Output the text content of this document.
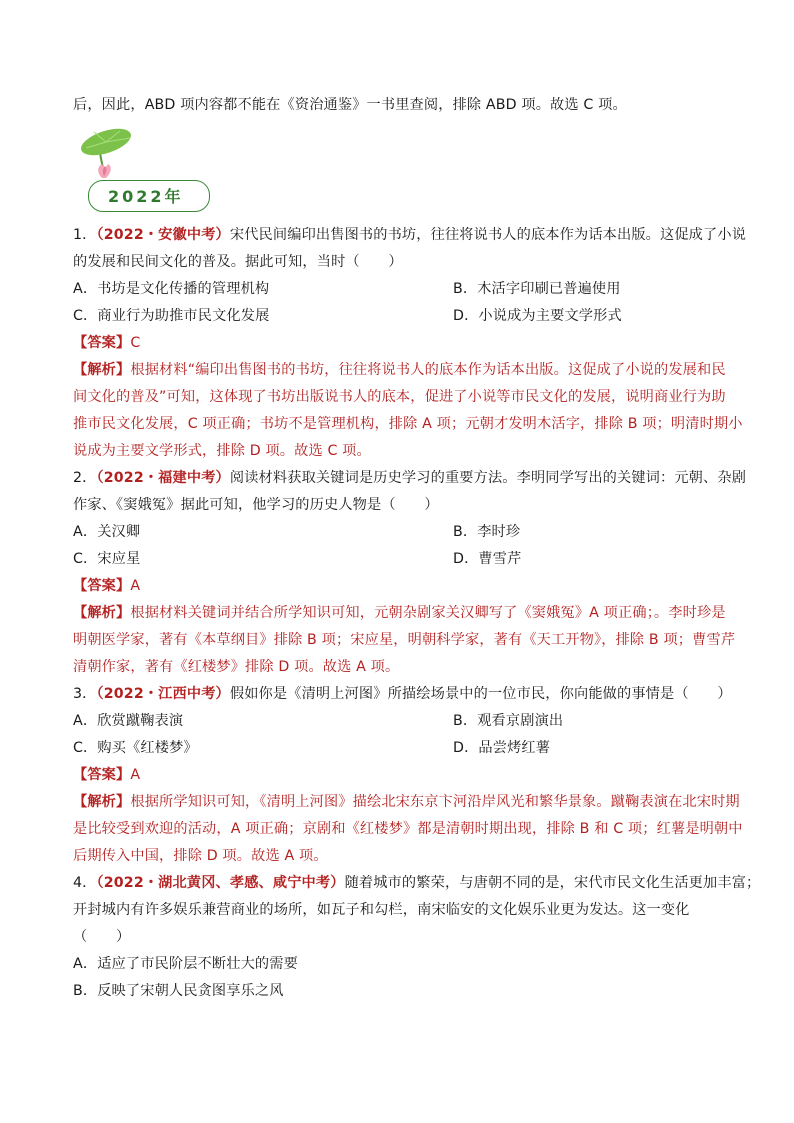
后，因此，ABD 项内容都不能在《资治通鉴》一书里查阅，排除 ABD 项。故选 C 项。
2022年
1．（2022・安徽中考）宋代民间编印出售图书的书坊，往往将说书人的底本作为话本出版。这促成了小说
的发展和民间文化的普及。据此可知，当时（　　）
A．书坊是文化传播的管理机构	B．木活字印刷已普遍使用
C．商业行为助推市民文化发展	D．小说成为主要文学形式
【答案】C
【解析】根据材料“编印出售图书的书坊，往往将说书人的底本作为话本出版。这促成了小说的发展和民
间文化的普及”可知，这体现了书坊出版说书人的底本，促进了小说等市民文化的发展，说明商业行为助
推市民文化发展，C 项正确；书坊不是管理机构，排除 A 项；元朝才发明木活字，排除 B 项；明清时期小
说成为主要文学形式，排除 D 项。故选 C 项。
2．（2022・福建中考）阅读材料获取关键词是历史学习的重要方法。李明同学写出的关键词：元朝、杂剧
作家、《窦娥冤》据此可知，他学习的历史人物是（　　）
A．关汉卿	B．李时珍
C．宋应星	D．曹雪芹
【答案】A
【解析】根据材料关键词并结合所学知识可知，元朝杂剧家关汉卿写了《窦娥冤》A 项正确；。李时珍是
明朝医学家，著有《本草纲目》排除 B 项；宋应星，明朝科学家，著有《天工开物》，排除 B 项；曹雪芹
清朝作家，著有《红楼梦》排除 D 项。故选 A 项。
3．（2022・江西中考）假如你是《清明上河图》所描绘场景中的一位市民，你向能做的事情是（　　）
A．欣赏蹴鞠表演	B．观看京剧演出
C．购买《红楼梦》	D．品尝烤红薯
【答案】A
【解析】根据所学知识可知，《清明上河图》描绘北宋东京卞河沿岸风光和繁华景象。蹴鞠表演在北宋时期
是比较受到欢迎的活动，A 项正确；京剧和《红楼梦》都是清朝时期出现，排除 B 和 C 项；红薯是明朝中
后期传入中国，排除 D 项。故选 A 项。
4．（2022・湖北黄冈、孝感、咸宁中考）随着城市的繁荣，与唐朝不同的是，宋代市民文化生活更加丰富；
开封城内有许多娱乐兼营商业的场所，如瓦子和勾栏，南宋临安的文化娱乐业更为发达。这一变化
（　　）
A．适应了市民阶层不断壮大的需要
B．反映了宋朝人民贪图享乐之风
